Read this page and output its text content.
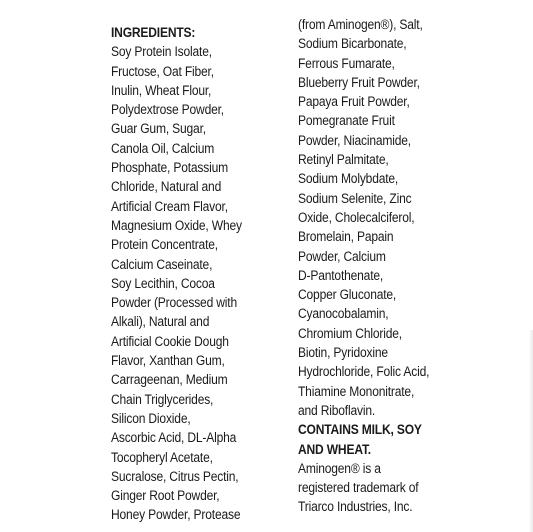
INGREDIENTS:
Soy Protein Isolate,
Fructose, Oat Fiber,
Inulin, Wheat Flour,
Polydextrose Powder,
Guar Gum, Sugar,
Canola Oil, Calcium
Phosphate, Potassium
Chloride, Natural and
Artificial Cream Flavor,
Magnesium Oxide, Whey
Protein Concentrate,
Calcium Caseinate,
Soy Lecithin, Cocoa
Powder (Processed with
Alkali), Natural and
Artificial Cookie Dough
Flavor, Xanthan Gum,
Carrageenan, Medium
Chain Triglycerides,
Silicon Dioxide,
Ascorbic Acid, DL-Alpha
Tocopheryl Acetate,
Sucralose, Citrus Pectin,
Ginger Root Powder,
Honey Powder, Protease
(from Aminogen®), Salt,
Sodium Bicarbonate,
Ferrous Fumarate,
Blueberry Fruit Powder,
Papaya Fruit Powder,
Pomegranate Fruit
Powder, Niacinamide,
Retinyl Palmitate,
Sodium Molybdate,
Sodium Selenite, Zinc
Oxide, Cholecalciferol,
Bromelain, Papain
Powder, Calcium
D-Pantothenate,
Copper Gluconate,
Cyanocobalamin,
Chromium Chloride,
Biotin, Pyridoxine
Hydrochloride, Folic Acid,
Thiamine Mononitrate,
and Riboflavin.
CONTAINS MILK, SOY
AND WHEAT.
Aminogen® is a
registered trademark of
Triarco Industries, Inc.
